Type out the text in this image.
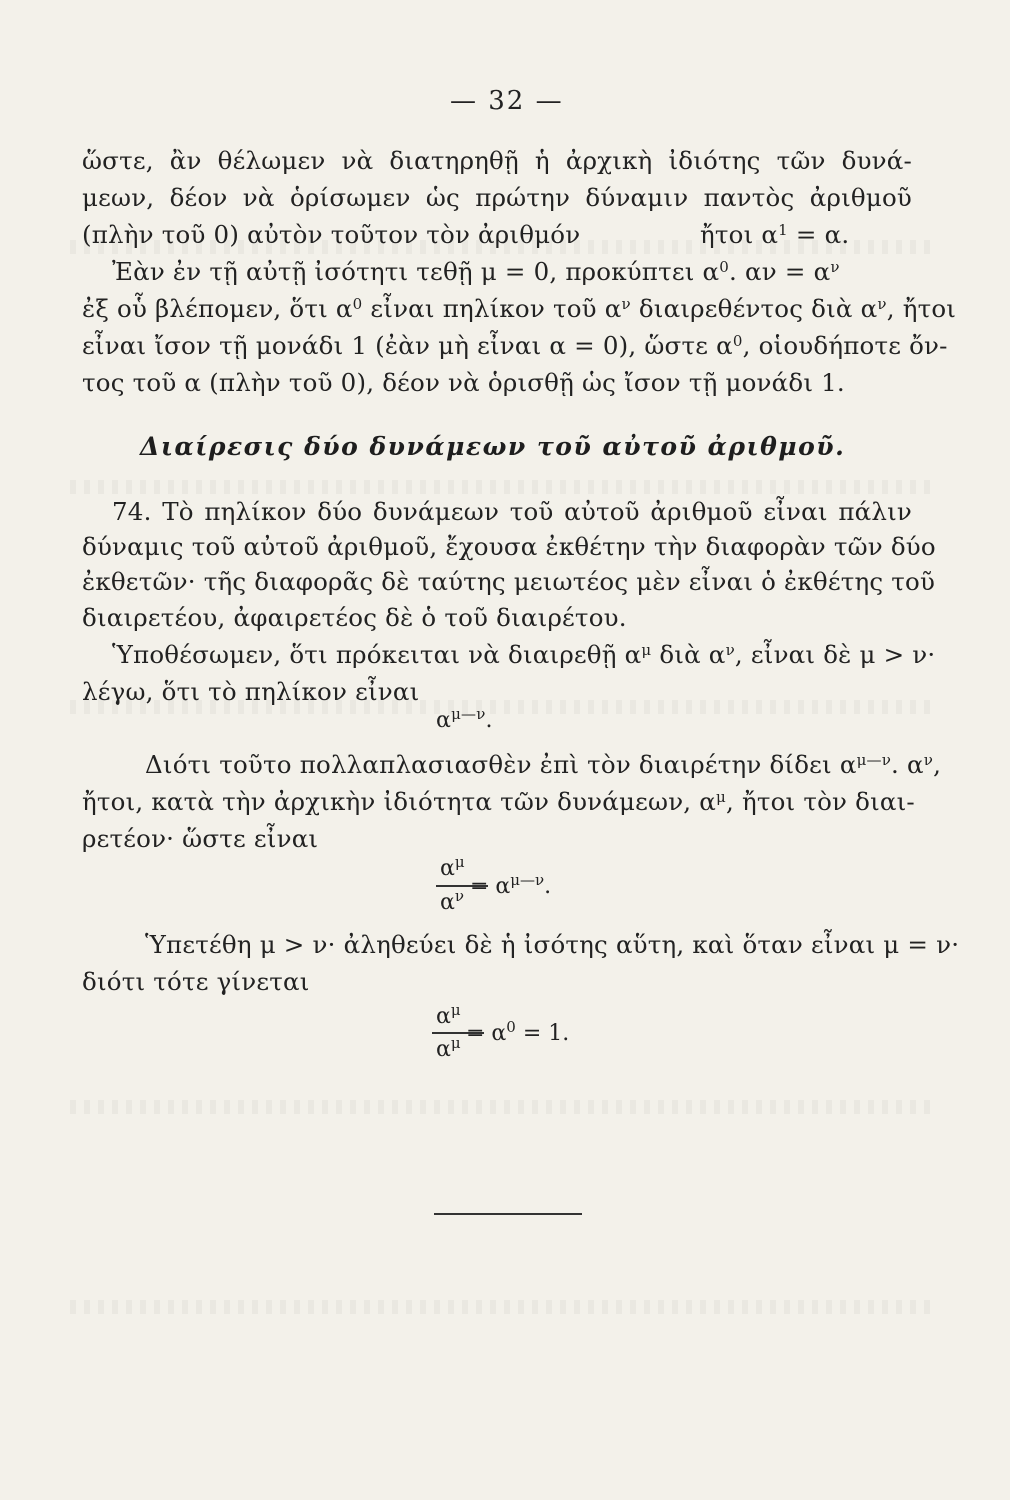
— 32 —
ὥστε, ἂν θέλωμεν νὰ διατηρηθῇ ἡ ἀρχικὴ ἰδιότης τῶν δυνά-
μεων, δέον νὰ ὁρίσωμεν ὡς πρώτην δύναμιν παντὸς ἀριθμοῦ
(πλὴν τοῦ 0) αὐτὸν τοῦτον τὸν ἀριθμόν	ἤτοι $\alpha^1 = \alpha$.
Ἐὰν ἐν τῇ αὐτῇ ἰσότητι τεθῇ μ = 0, προκύπτει $\alpha^0$. $\alpha\nu = \alpha^\nu$
ἐξ οὗ βλέπομεν, ὅτι $\alpha^0$ εἶναι πηλίκον τοῦ $\alpha^\nu$ διαιρεθέντος διὰ $\alpha^\nu$, ἤτοι
εἶναι ἴσον τῇ μονάδι 1 (ἐὰν μὴ εἶναι α = 0), ὥστε $\alpha^0$, οἱουδήποτε ὄν-
τος τοῦ α (πλὴν τοῦ 0), δέον νὰ ὁρισθῇ ὡς ἴσον τῇ μονάδι 1.
Διαίρεσις δύο δυνάμεων τοῦ αὐτοῦ ἀριθμοῦ.
74. Τὸ πηλίκον δύο δυνάμεων τοῦ αὐτοῦ ἀριθμοῦ εἶναι πάλιν
δύναμις τοῦ αὐτοῦ ἀριθμοῦ, ἔχουσα ἐκθέτην τὴν διαφορὰν τῶν δύο
ἐκθετῶν· τῆς διαφορᾶς δὲ ταύτης μειωτέος μὲν εἶναι ὁ ἐκθέτης τοῦ
διαιρετέου, ἀφαιρετέος δὲ ὁ τοῦ διαιρέτου.
Ὑποθέσωμεν, ὅτι πρόκειται νὰ διαιρεθῇ $\alpha^\mu$ διὰ $\alpha^\nu$, εἶναι δὲ μ > ν·
λέγω, ὅτι τὸ πηλίκον εἶναι
$\alpha^{\mu—\nu}$.
Διότι τοῦτο πολλαπλασιασθὲν ἐπὶ τὸν διαιρέτην δίδει $\alpha^{\mu—\nu}$. $\alpha^\nu$,
ἤτοι, κατὰ τὴν ἀρχικὴν ἰδιότητα τῶν δυνάμεων, $\alpha^\mu$, ἤτοι τὸν διαι-
ρετέον· ὥστε εἶναι
$\alpha^\mu$
$\alpha^\nu = \alpha^{\mu—\nu}$.
Ὑπετέθη μ > ν· ἀληθεύει δὲ ἡ ἰσότης αὕτη, καὶ ὅταν εἶναι μ = ν·
διότι τότε γίνεται
$\alpha^\mu$
$\alpha^\mu = \alpha^0 = 1$.
